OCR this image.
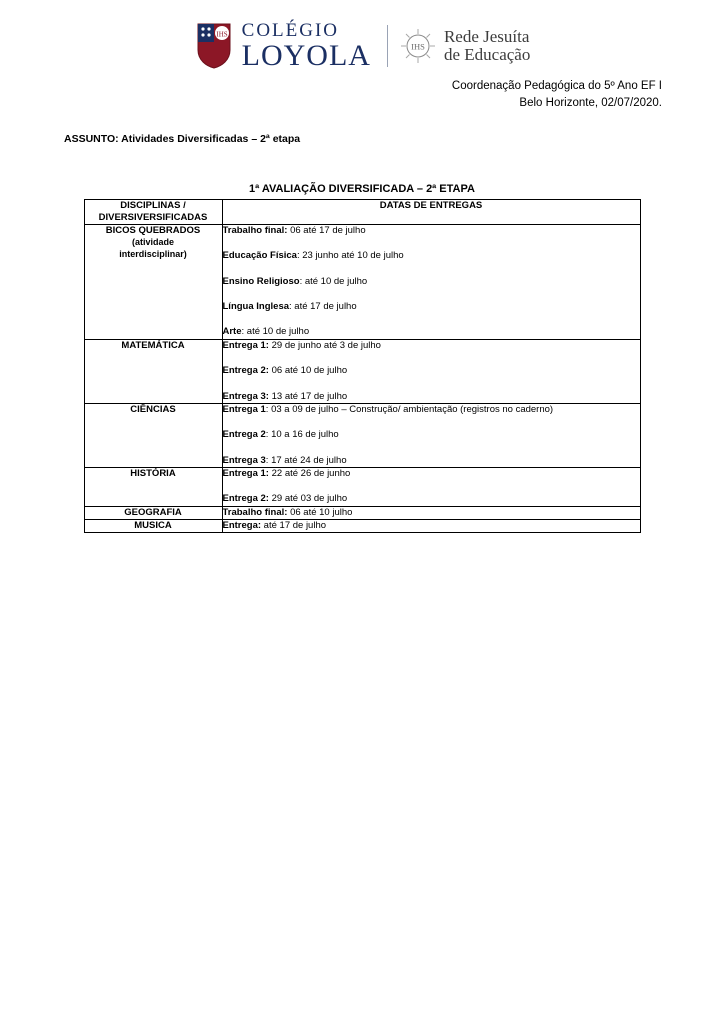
IHS COLÉGIO
LOYOLA	IHS
Rede Jesuíta
de Educação
Coordenação Pedagógica do 5º Ano EF I
Belo Horizonte, 02/07/2020.
ASSUNTO: Atividades Diversificadas – 2ª etapa
1ª AVALIAÇÃO DIVERSIFICADA – 2ª ETAPA
DISCIPLINAS /
DIVERSIVERSIFICADAS	DATAS DE ENTREGAS
BICOS QUEBRADOS
(atividade
interdisciplinar)

Trabalho final: 06 até 17 de julho

Educação Física: 23 junho até 10 de julho

Ensino Religioso: até 10 de julho

Língua Inglesa: até 17 de julho

Arte: até 10 de julho

MATEMÁTICA	Entrega 1: 29 de junho até 3 de julho

Entrega 2: 06 até 10 de julho

Entrega 3: 13 até 17 de julho

CIÊNCIAS	Entrega 1: 03 a 09 de julho – Construção/ ambientação (registros no caderno)

Entrega 2: 10 a 16 de julho

Entrega 3: 17 até 24 de julho

HISTÓRIA	Entrega 1: 22 até 26 de junho

Entrega 2: 29 até 03 de julho

GEOGRAFIA	Trabalho final: 06 até 10 julho

MUSICA	Entrega: até 17 de julho
